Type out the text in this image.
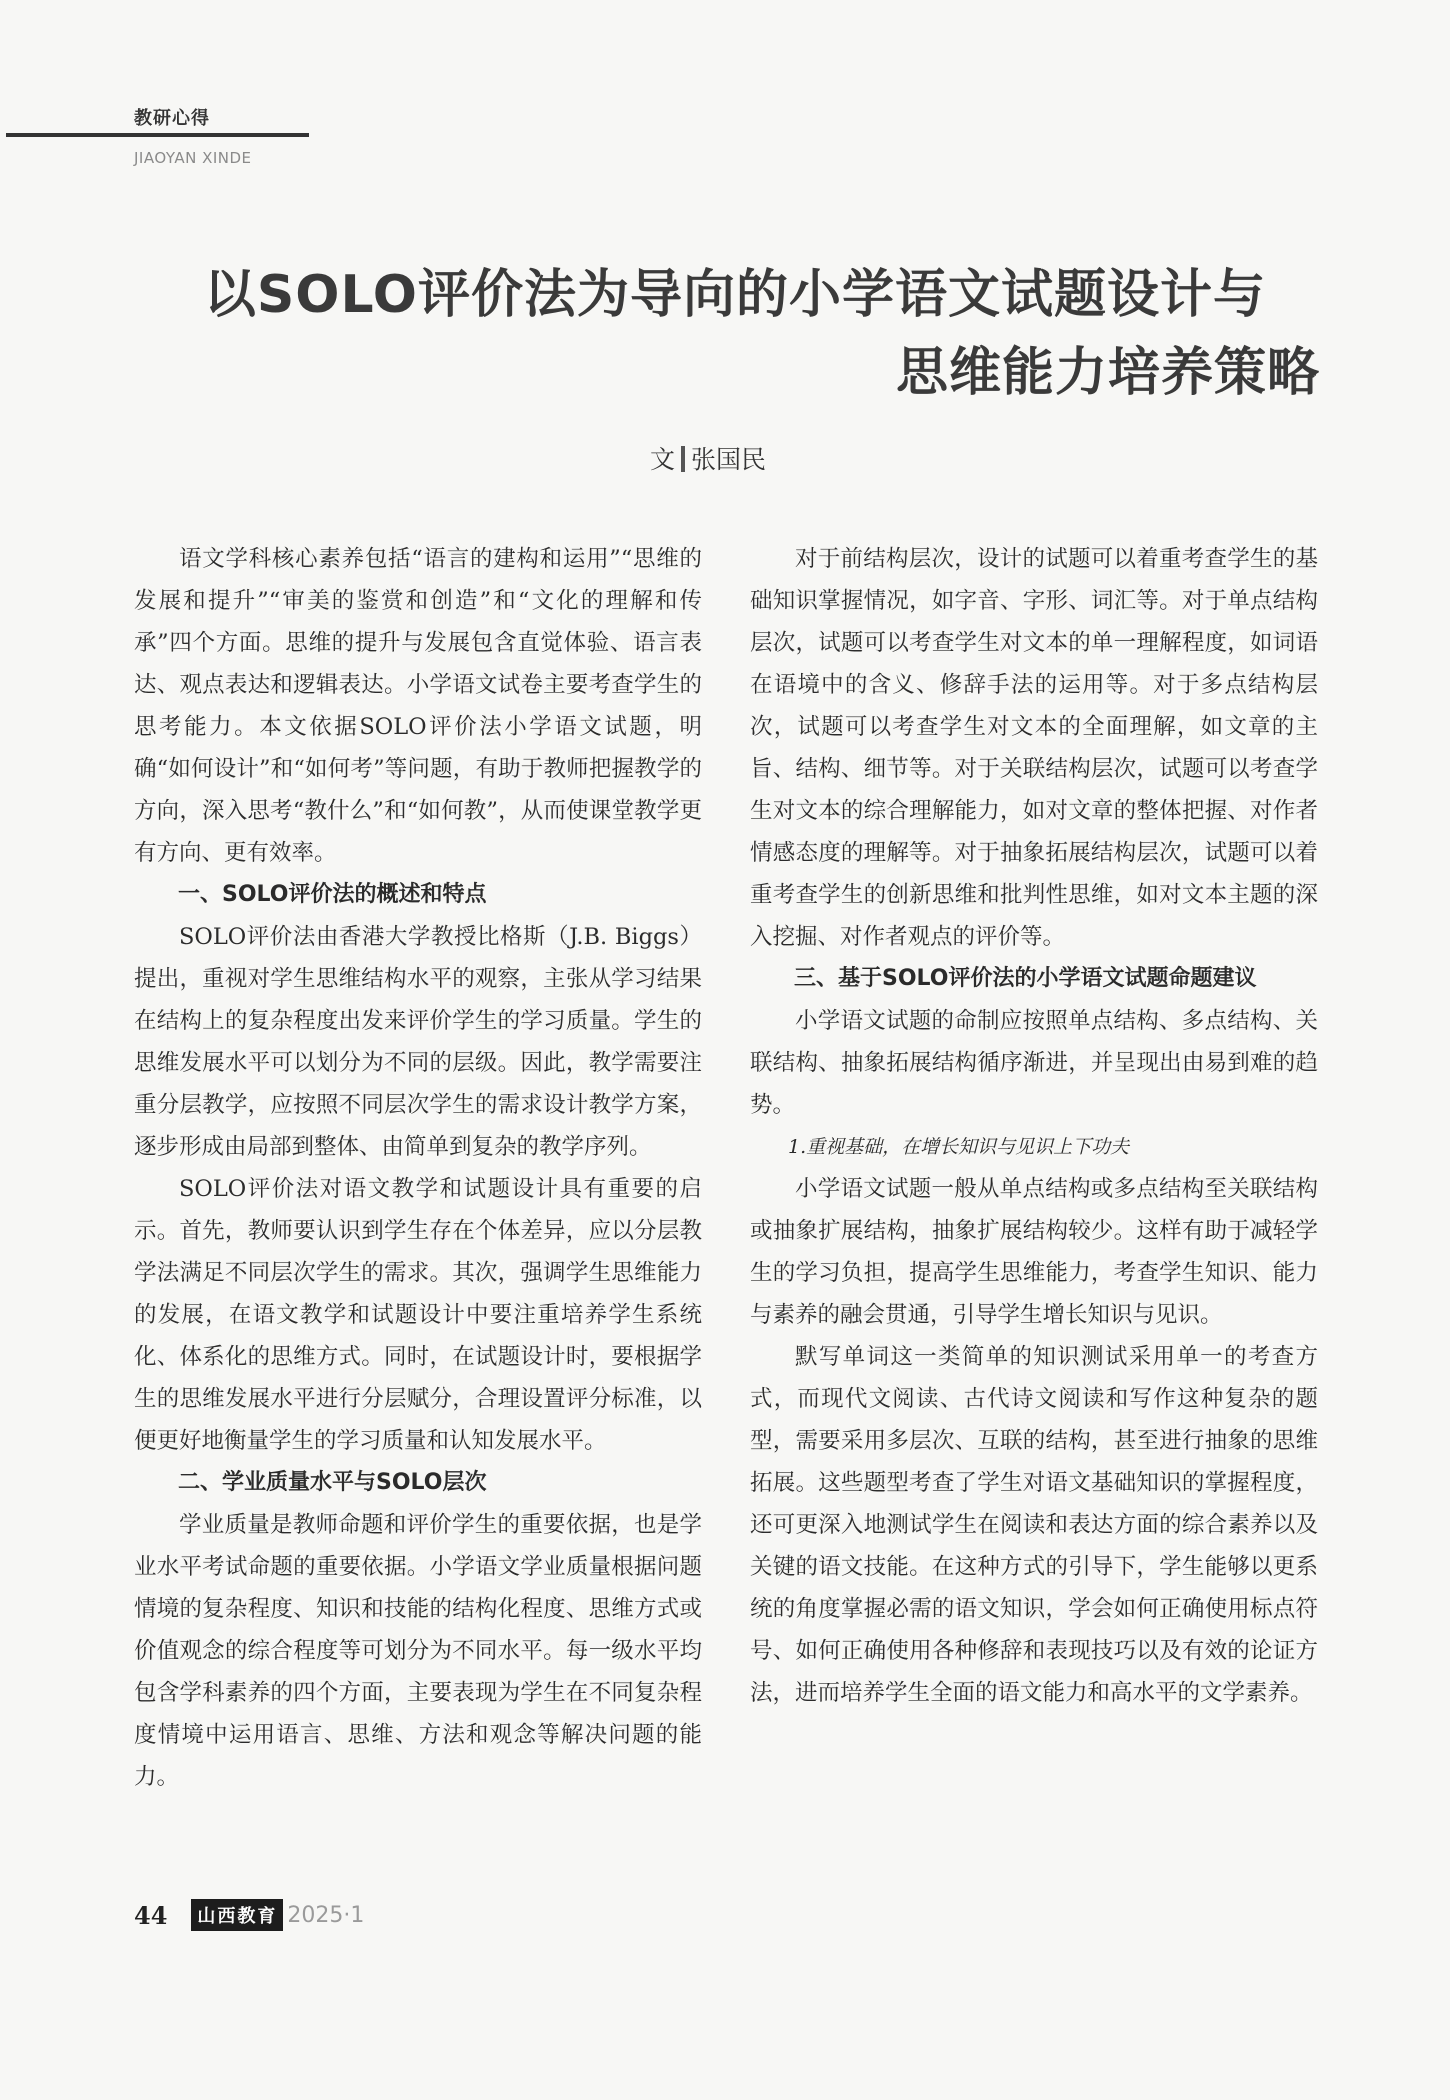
教研心得
JIAOYAN XINDE
以SOLO评价法为导向的小学语文试题设计与
思维能力培养策略
文 张国民

语文学科核心素养包括“语言的建构和运用”“思维的发展和提升”“审美的鉴赏和创造”和“文化的理解和传承”四个方面。思维的提升与发展包含直觉体验、语言表达、观点表达和逻辑表达。小学语文试卷主要考查学生的思考能力。本文依据SOLO评价法小学语文试题，明确“如何设计”和“如何考”等问题，有助于教师把握教学的方向，深入思考“教什么”和“如何教”，从而使课堂教学更有方向、更有效率。

一、SOLO评价法的概述和特点

SOLO评价法由香港大学教授比格斯（J.B. Biggs）提出，重视对学生思维结构水平的观察，主张从学习结果在结构上的复杂程度出发来评价学生的学习质量。学生的思维发展水平可以划分为不同的层级。因此，教学需要注重分层教学，应按照不同层次学生的需求设计教学方案，逐步形成由局部到整体、由简单到复杂的教学序列。

SOLO评价法对语文教学和试题设计具有重要的启示。首先，教师要认识到学生存在个体差异，应以分层教学法满足不同层次学生的需求。其次，强调学生思维能力的发展，在语文教学和试题设计中要注重培养学生系统化、体系化的思维方式。同时，在试题设计时，要根据学生的思维发展水平进行分层赋分，合理设置评分标准，以便更好地衡量学生的学习质量和认知发展水平。

二、学业质量水平与SOLO层次

学业质量是教师命题和评价学生的重要依据，也是学业水平考试命题的重要依据。小学语文学业质量根据问题情境的复杂程度、知识和技能的结构化程度、思维方式或价值观念的综合程度等可划分为不同水平。每一级水平均包含学科素养的四个方面，主要表现为学生在不同复杂程度情境中运用语言、思维、方法和观念等解决问题的能力。

对于前结构层次，设计的试题可以着重考查学生的基础知识掌握情况，如字音、字形、词汇等。对于单点结构层次，试题可以考查学生对文本的单一理解程度，如词语在语境中的含义、修辞手法的运用等。对于多点结构层次，试题可以考查学生对文本的全面理解，如文章的主旨、结构、细节等。对于关联结构层次，试题可以考查学生对文本的综合理解能力，如对文章的整体把握、对作者情感态度的理解等。对于抽象拓展结构层次，试题可以着重考查学生的创新思维和批判性思维，如对文本主题的深入挖掘、对作者观点的评价等。

三、基于SOLO评价法的小学语文试题命题建议

小学语文试题的命制应按照单点结构、多点结构、关联结构、抽象拓展结构循序渐进，并呈现出由易到难的趋势。

1.重视基础，在增长知识与见识上下功夫

小学语文试题一般从单点结构或多点结构至关联结构或抽象扩展结构，抽象扩展结构较少。这样有助于减轻学生的学习负担，提高学生思维能力，考查学生知识、能力与素养的融会贯通，引导学生增长知识与见识。

默写单词这一类简单的知识测试采用单一的考查方式，而现代文阅读、古代诗文阅读和写作这种复杂的题型，需要采用多层次、互联的结构，甚至进行抽象的思维拓展。这些题型考查了学生对语文基础知识的掌握程度，还可更深入地测试学生在阅读和表达方面的综合素养以及关键的语文技能。在这种方式的引导下，学生能够以更系统的角度掌握必需的语文知识，学会如何正确使用标点符号、如何正确使用各种修辞和表现技巧以及有效的论证方法，进而培养学生全面的语文能力和高水平的文学素养。

44	山西教育 2025·1
